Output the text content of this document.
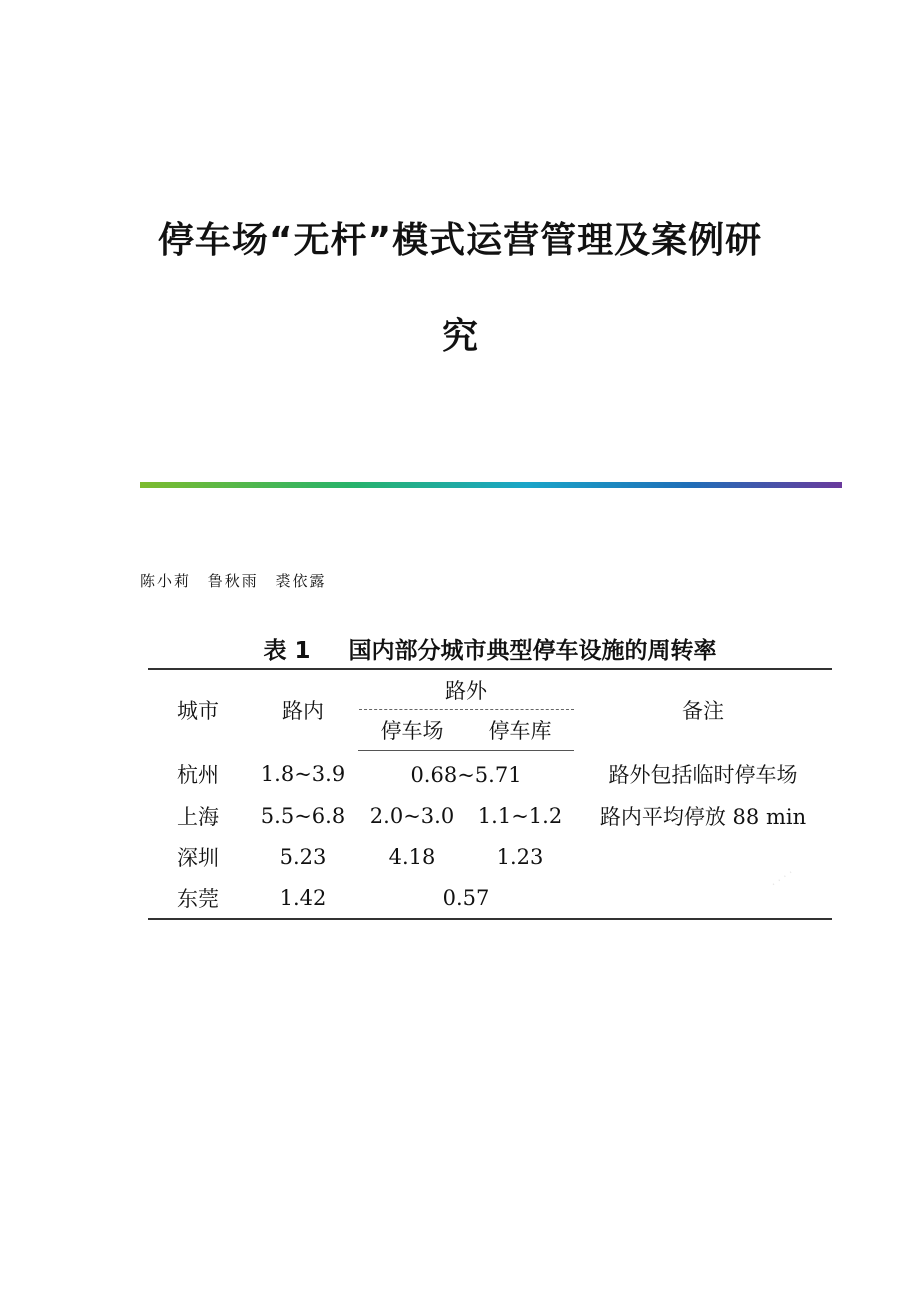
停车场“无杆”模式运营管理及案例研
究
陈小莉 鲁秋雨 裘依露
表 1 国内部分城市典型停车设施的周转率
城市	路内	路外		备注
		停车场	停车库	
杭州	1.8~3.9	0.68~5.71		路外包括临时停车场
上海	5.5~6.8	2.0~3.0	1.1~1.2	路内平均停放 88 min
深圳	5.23	4.18	1.23	
东莞	1.42	0.57		
· · · ·
